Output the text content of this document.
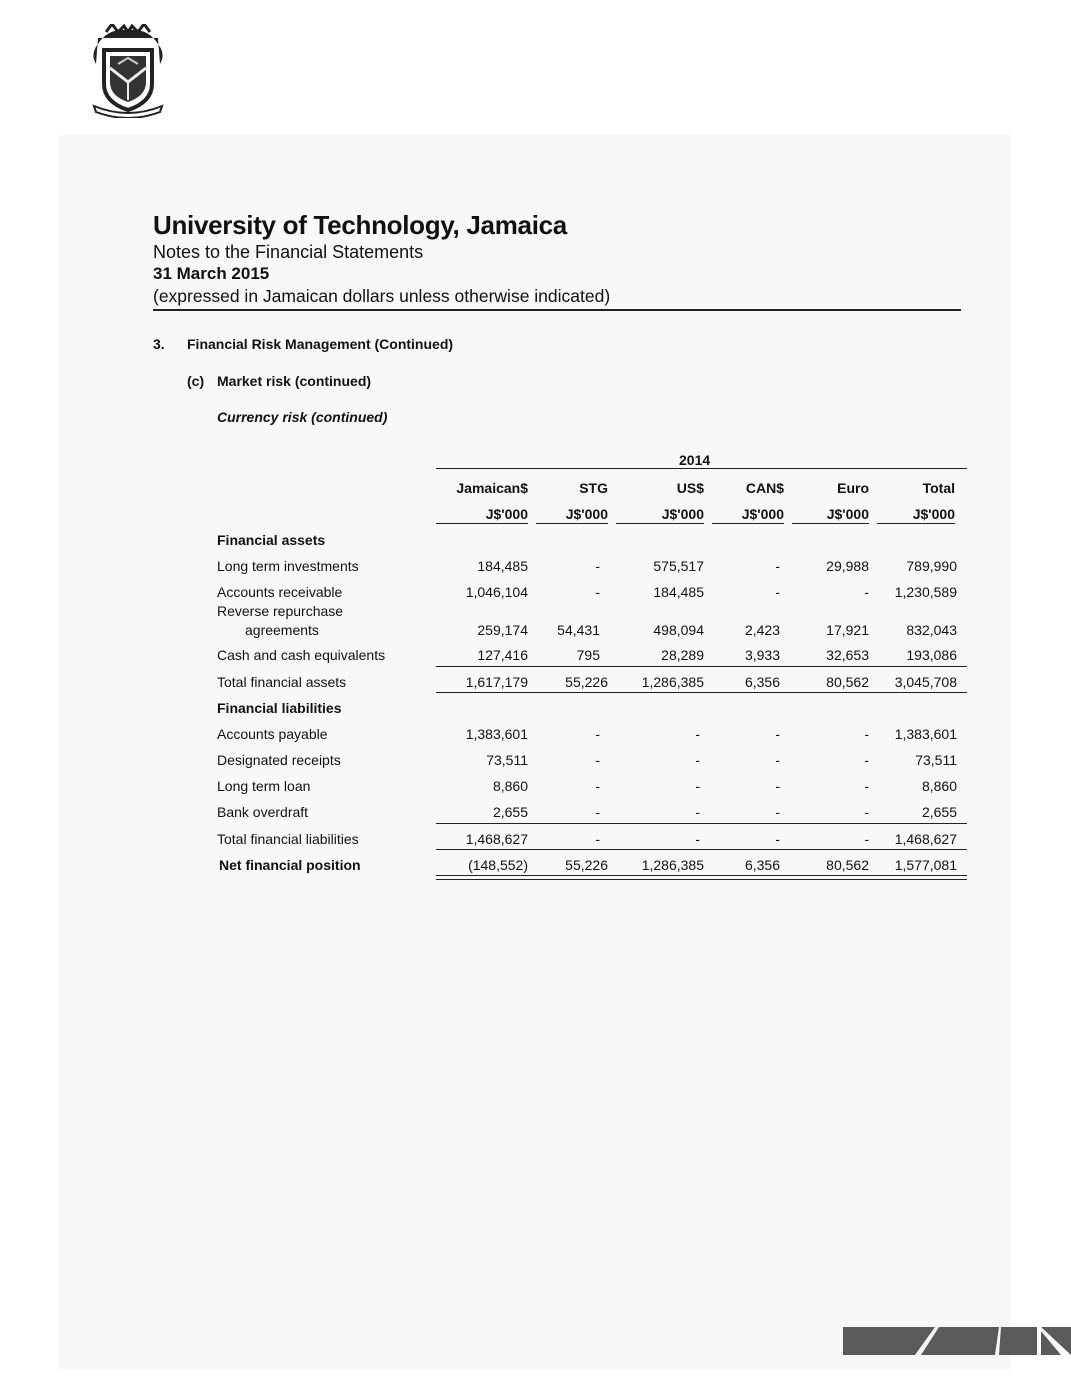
University of Technology, Jamaica
Notes to the Financial Statements
31 March 2015
(expressed in Jamaican dollars unless otherwise indicated)
3. Financial Risk Management (Continued)
(c) Market risk (continued)
Currency risk (continued)
2014
Jamaican$	STG	US$	CAN$	Euro	Total
J$'000	J$'000	J$'000	J$'000	J$'000	J$'000
Financial assets
Long term investments	184,485	-	575,517	-	29,988	789,990
Accounts receivable	1,046,104	-	184,485	-	-	1,230,589
Reverse repurchase
agreements	259,174	54,431	498,094	2,423	17,921	832,043
Cash and cash equivalents	127,416	795	28,289	3,933	32,653	193,086
Total financial assets	1,617,179	55,226	1,286,385	6,356	80,562	3,045,708
Financial liabilities
Accounts payable	1,383,601	-	-	-	-	1,383,601
Designated receipts	73,511	-	-	-	-	73,511
Long term loan	8,860	-	-	-	-	8,860
Bank overdraft	2,655	-	-	-	-	2,655
Total financial liabilities	1,468,627	-	-	-	-	1,468,627
Net financial position	(148,552)	55,226	1,286,385	6,356	80,562	1,577,081
